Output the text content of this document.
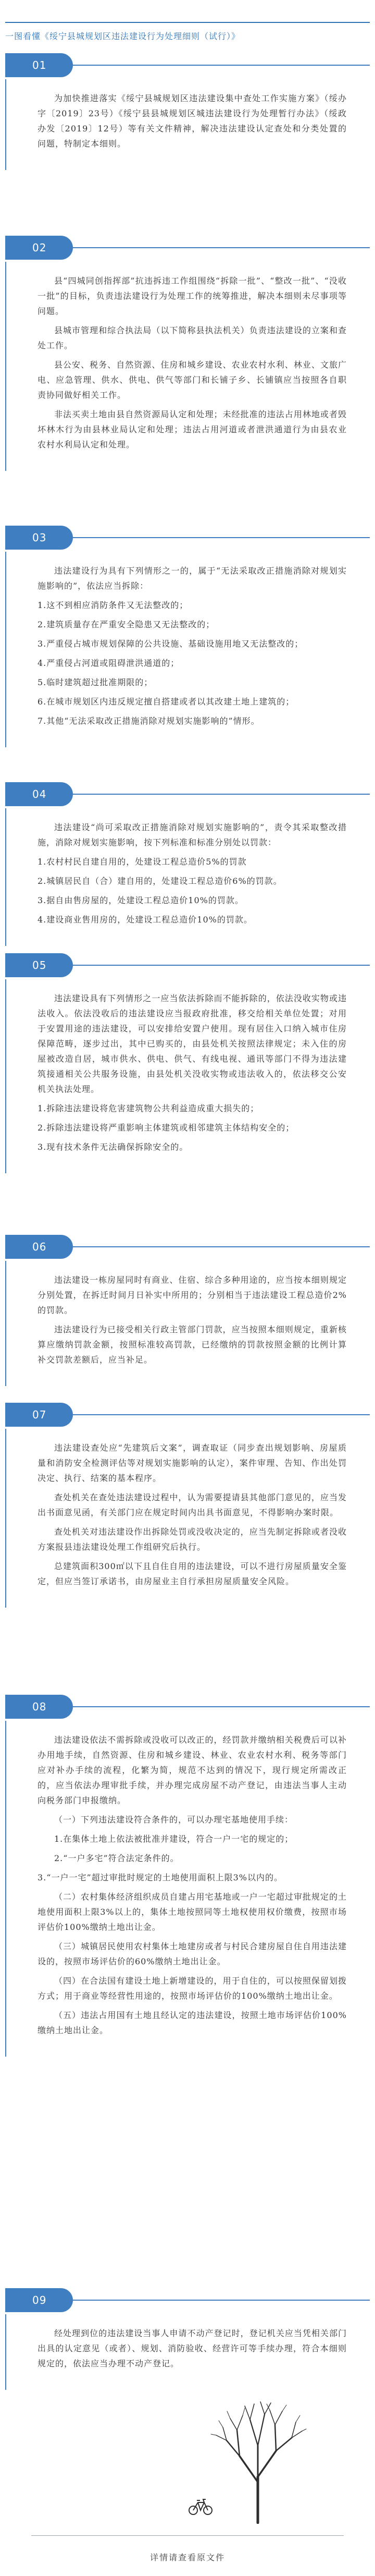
一图看懂《绥宁县城规划区违法建设行为处理细则（试行）》
01

为加快推进落实《绥宁县城规划区违法建设集中查处工作实施方案》（绥办字〔2019〕23号）《绥宁县县城规划区城违法建设行为处理暂行办法》（绥政办发〔2019〕12号）等有关文件精神，解决违法建设认定查处和分类处置的问题，特制定本细则。

02

县“四城同创指挥部”抗违拆违工作组围绕“拆除一批”、“整改一批”、“没收一批”的目标，负责违法建设行为处理工作的统筹推进，解决本细则未尽事项等问题。

县城市管理和综合执法局（以下简称县执法机关）负责违法建设的立案和查处工作。

县公安、税务、自然资源、住房和城乡建设、农业农村水利、林业、文旅广电、应急管理、供水、供电、供气等部门和长铺子乡、长铺镇应当按照各自职责协同做好相关工作。

非法买卖土地由县自然资源局认定和处理；未经批准的违法占用林地或者毁坏林木行为由县林业局认定和处理；违法占用河道或者泄洪通道行为由县农业农村水利局认定和处理。

03

违法建设行为具有下列情形之一的，属于“无法采取改正措施消除对规划实施影响的”，依法应当拆除：

1.这不到相应消防条件又无法整改的；

2.建筑质量存在严重安全隐患又无法整改的；

3.严重侵占城市规划保障的公共设施、基础设施用地又无法整改的；

4.严重侵占河道或阻碍泄洪通道的；

5.临时建筑超过批准期限的；

6.在城市规划区内违反规定擅自搭建或者以其改建土地上建筑的；

7.其他“无法采取改正措施消除对规划实施影响的”情形。

04

违法建设“尚可采取改正措施消除对规划实施影响的”，责令其采取整改措施，消除对规划实施影响，按下列标准和标准分别处以罚款：

1.农村村民自建自用的，处建设工程总造价5%的罚款

2.城镇居民自（合）建自用的，处建设工程总造价6%的罚款。

3.据自由售房屋的，处建设工程总造价10%的罚款。

4.建设商业售用房的，处建设工程总造价10%的罚款。

05

违法建设具有下列情形之一应当依法拆除而不能拆除的，依法没收实物或违法收入。依法没收后的违法建设应当报政府批准，移交给相关单位处置；对用于安置用途的违法建设，可以安排给安置户使用。现有居住入口纳入城市住房保障范畴，逐步过出，其中已购买的，由县处机关按照法律规定；未入住的房屋被改造自居，城市供水、供电、供气、有线电视、通讯等部门不得为违法建筑接通相关公共服务设施，由县处机关没收实物或违法收入的，依法移交公安机关执法处理。

1.拆除违法建设将危害建筑物公共利益造成重大损失的；

2.拆除违法建设将严重影响主体建筑或相邻建筑主体结构安全的；

3.现有技术条件无法确保拆除安全的。

06

违法建设一栋房屋同时有商业、住宿、综合多种用途的，应当按本细则规定分别处置，在拆迁时间月日补实中所用的；分别相当于违法建设工程总造价2%的罚款。

违法建设行为已接受相关行政主管部门罚款，应当按照本细则规定，重新核算应缴纳罚款金额，按照标准较高罚款，已经缴纳的罚款按照金额的比例计算补交罚款差额后，应当补足。

07

违法建设查处应“先建筑后文案”，调查取证（同步查出规划影响、房屋质量和消防安全检测评估等对规划实施影响的认定），案件审理、告知、作出处罚决定、执行、结案的基本程序。

查处机关在查处违法建设过程中，认为需要提请县其他部门意见的，应当发出书面意见函，有关部门应在规定时间内出具书面意见，不得影响办案时限。

查处机关对违法建设作出拆除处罚或没收决定的，应当先制定拆除或者没收方案报县违法建设处理工作组研究后执行。

总建筑面积300㎡以下且自住自用的违法建设，可以不进行房屋质量安全鉴定，但应当签订承诺书，由房屋业主自行承担房屋质量安全风险。

08

违法建设依法不需拆除或没收可以改正的，经罚款并缴纳相关税费后可以补办用地手续，自然资源、住房和城乡建设、林业、农业农村水利、税务等部门应对补办手续的流程，化繁为简，规范不达到的情况下，现行规定所需改正的，应当依法办理审批手续，并办理完成房屋不动产登记，由违法当事人主动向税务部门申报缴纳。

（一）下列违法建设符合条件的，可以办理宅基地使用手续：

1.在集体土地上依法被批准并建设，符合一户一宅的规定的；

2.“一户多宅”符合法定条件的。

3.“一户一宅”超过审批时规定的土地使用面积上限3%以内的。

（二）农村集体经济组织成员自建占用宅基地或一户一宅超过审批规定的土地使用面积上限3%以上的，集体土地按照同等土地权使用权价缴费，按照市场评估价100%缴纳土地出让金。

（三）城镇居民使用农村集体土地建房或者与村民合建房屋自住自用违法建设的，按照市场评估价的60%缴纳土地出让金。

（四）在合法国有建设土地上新增建设的，用于自住的，可以按照保留划拨方式；用于商业等经营性用途的，按照市场评估价的100%缴纳土地出让金。

（五）违法占用国有土地且经认定的违法建设，按照土地市场评估价100%缴纳土地出让金。

09

经处理到位的违法建设当事人申请不动产登记时，登记机关应当凭相关部门出具的认定意见（或者）、规划、消防验收、经营许可等手续办理，符合本细则规定的，依法应当办理不动产登记。

详情请查看原文件
